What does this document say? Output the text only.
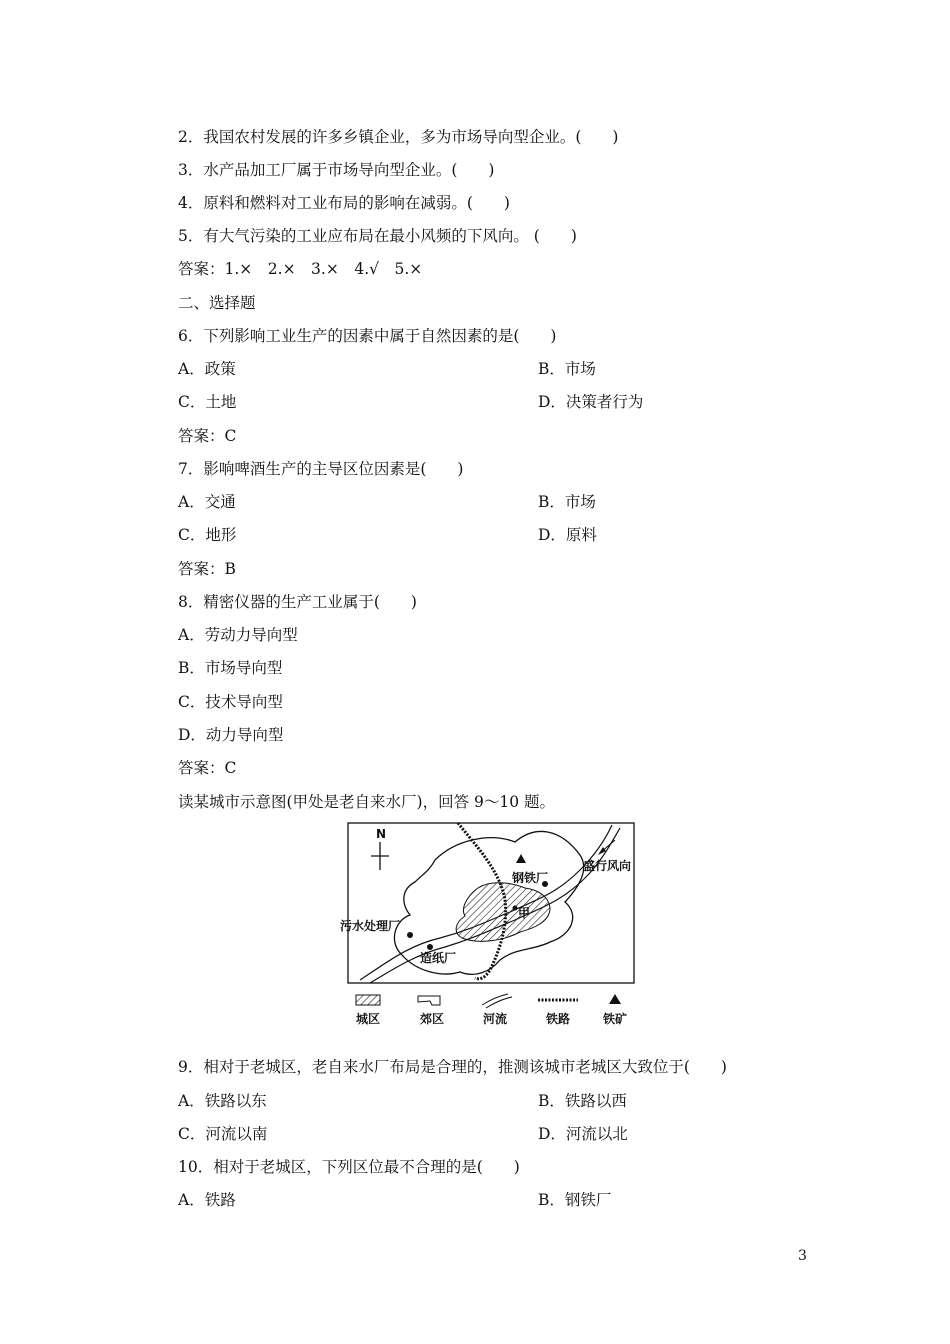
2．我国农村发展的许多乡镇企业，多为市场导向型企业。(　　)
3．水产品加工厂属于市场导向型企业。(　　)
4．原料和燃料对工业布局的影响在减弱。(　　)
5．有大气污染的工业应布局在最小风频的下风向。 (　　)
答案：1.×　2.×　3.×　4.√　5.×
二、选择题
6．下列影响工业生产的因素中属于自然因素的是(　　)
A．政策	B．市场
C．土地	D．决策者行为
答案：C
7．影响啤酒生产的主导区位因素是(　　)
A．交通	B．市场
C．地形	D．原料
答案：B
8．精密仪器的生产工业属于(　　)
A．劳动力导向型
B．市场导向型
C．技术导向型
D．动力导向型
答案：C
读某城市示意图(甲处是老自来水厂)，回答 9～10 题。
N
盛行风向
钢铁厂
甲
污水处理厂
造纸厂
城区	郊区	河流	铁路	铁矿
9．相对于老城区，老自来水厂布局是合理的，推测该城市老城区大致位于(　　)
A．铁路以东	B．铁路以西
C．河流以南	D．河流以北
10．相对于老城区，下列区位最不合理的是(　　)
A．铁路	B．钢铁厂
3
